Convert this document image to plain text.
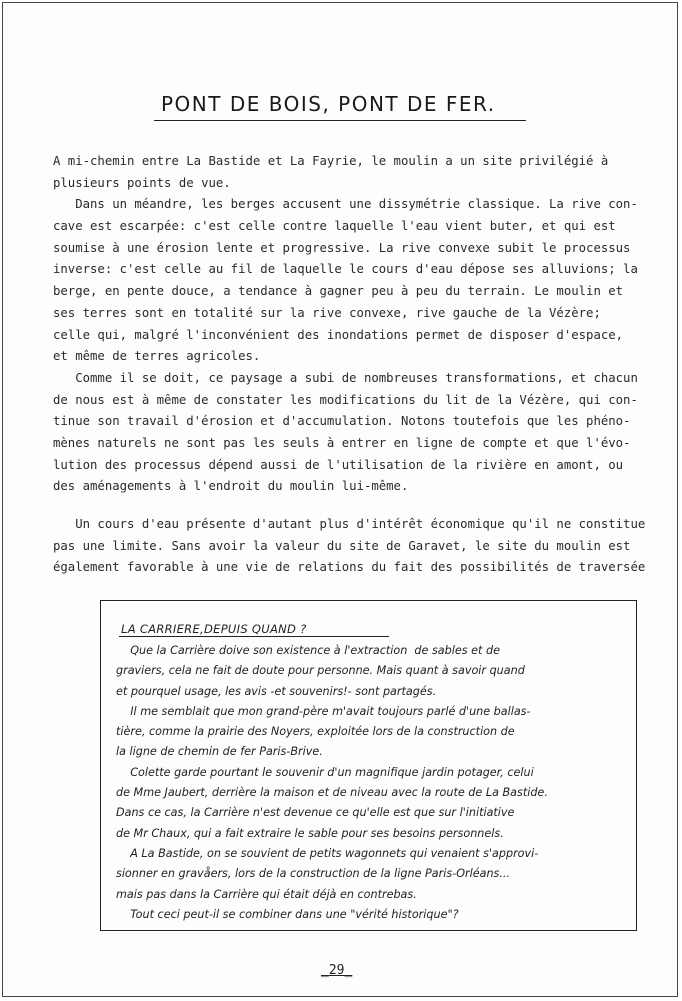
PONT DE BOIS, PONT DE FER.
A mi-chemin entre La Bastide et La Fayrie, le moulin a un site privilégié à
plusieurs points de vue.
Dans un méandre, les berges accusent une dissymétrie classique. La rive con-
cave est escarpée: c'est celle contre laquelle l'eau vient buter, et qui est
soumise à une érosion lente et progressive. La rive convexe subit le processus
inverse: c'est celle au fil de laquelle le cours d'eau dépose ses alluvions; la
berge, en pente douce, a tendance à gagner peu à peu du terrain. Le moulin et
ses terres sont en totalité sur la rive convexe, rive gauche de la Vézère;
celle qui, malgré l'inconvénient des inondations permet de disposer d'espace,
et même de terres agricoles.
Comme il se doit, ce paysage a subi de nombreuses transformations, et chacun
de nous est à même de constater les modifications du lit de la Vézère, qui con-
tinue son travail d'érosion et d'accumulation. Notons toutefois que les phéno-
mènes naturels ne sont pas les seuls à entrer en ligne de compte et que l'évo-
lution des processus dépend aussi de l'utilisation de la rivière en amont, ou
des aménagements à l'endroit du moulin lui-même.
Un cours d'eau présente d'autant plus d'intérêt économique qu'il ne constitue
pas une limite. Sans avoir la valeur du site de Garavet, le site du moulin est
également favorable à une vie de relations du fait des possibilités de traversée
LA CARRIERE,DEPUIS QUAND ?
Que la Carrière doive son existence à l'extraction  de sables et de
graviers, cela ne fait de doute pour personne. Mais quant à savoir quand
et pourquel usage, les avis -et souvenirs!- sont partagés.
Il me semblait que mon grand-père m'avait toujours parlé d'une ballas-
tière, comme la prairie des Noyers, exploitée lors de la construction de
la ligne de chemin de fer Paris-Brive.
Colette garde pourtant le souvenir d'un magnifique jardin potager, celui
de Mme Jaubert, derrière la maison et de niveau avec la route de La Bastide.
Dans ce cas, la Carrière n'est devenue ce qu'elle est que sur l'initiative
de Mr Chaux, qui a fait extraire le sable pour ses besoins personnels.
A La Bastide, on se souvient de petits wagonnets qui venaient s'approvi-
sionner en gravåers, lors de la construction de la ligne Paris-Orléans...
mais pas dans la Carrière qui était déjà en contrebas.
Tout ceci peut-il se combiner dans une "vérité historique"?
_29_
